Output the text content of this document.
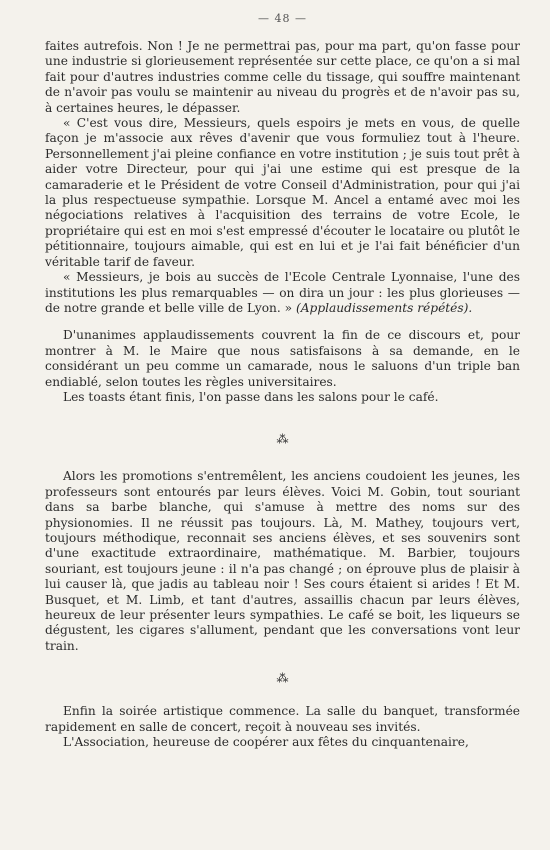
— 48 —

faites autrefois. Non ! Je ne permettrai pas, pour ma part, qu'on fasse pour une industrie si glorieusement représentée sur cette place, ce qu'on a si mal fait pour d'autres industries comme celle du tissage, qui souffre maintenant de n'avoir pas voulu se maintenir au niveau du progrès et de n'avoir pas su, à certaines heures, le dépasser.

« C'est vous dire, Messieurs, quels espoirs je mets en vous, de quelle façon je m'associe aux rêves d'avenir que vous formuliez tout à l'heure. Personnellement j'ai pleine confiance en votre institution ; je suis tout prêt à aider votre Directeur, pour qui j'ai une estime qui est presque de la camaraderie et le Président de votre Conseil d'Administration, pour qui j'ai la plus respectueuse sympathie. Lorsque M. Ancel a entamé avec moi les négociations relatives à l'acquisition des terrains de votre Ecole, le propriétaire qui est en moi s'est empressé d'écouter le locataire ou plutôt le pétitionnaire, toujours aimable, qui est en lui et je l'ai fait bénéficier d'un véritable tarif de faveur.

« Messieurs, je bois au succès de l'Ecole Centrale Lyonnaise, l'une des institutions les plus remarquables — on dira un jour : les plus glorieuses — de notre grande et belle ville de Lyon. » (Applaudissements répétés).

D'unanimes applaudissements couvrent la fin de ce discours et, pour montrer à M. le Maire que nous satisfaisons à sa demande, en le considérant un peu comme un camarade, nous le saluons d'un triple ban endiablé, selon toutes les règles universitaires.

Les toasts étant finis, l'on passe dans les salons pour le café.

⁂

Alors les promotions s'entremêlent, les anciens coudoient les jeunes, les professeurs sont entourés par leurs élèves. Voici M. Gobin, tout souriant dans sa barbe blanche, qui s'amuse à mettre des noms sur des physionomies. Il ne réussit pas toujours. Là, M. Mathey, toujours vert, toujours méthodique, reconnait ses anciens élèves, et ses souvenirs sont d'une exactitude extraordinaire, mathématique. M. Barbier, toujours souriant, est toujours jeune : il n'a pas changé ; on éprouve plus de plaisir à lui causer là, que jadis au tableau noir ! Ses cours étaient si arides ! Et M. Busquet, et M. Limb, et tant d'autres, assaillis chacun par leurs élèves, heureux de leur présenter leurs sympathies. Le café se boit, les liqueurs se dégustent, les cigares s'allument, pendant que les conversations vont leur train.

⁂

Enfin la soirée artistique commence. La salle du banquet, transformée rapidement en salle de concert, reçoit à nouveau ses invités.

L'Association, heureuse de coopérer aux fêtes du cinquantenaire,
